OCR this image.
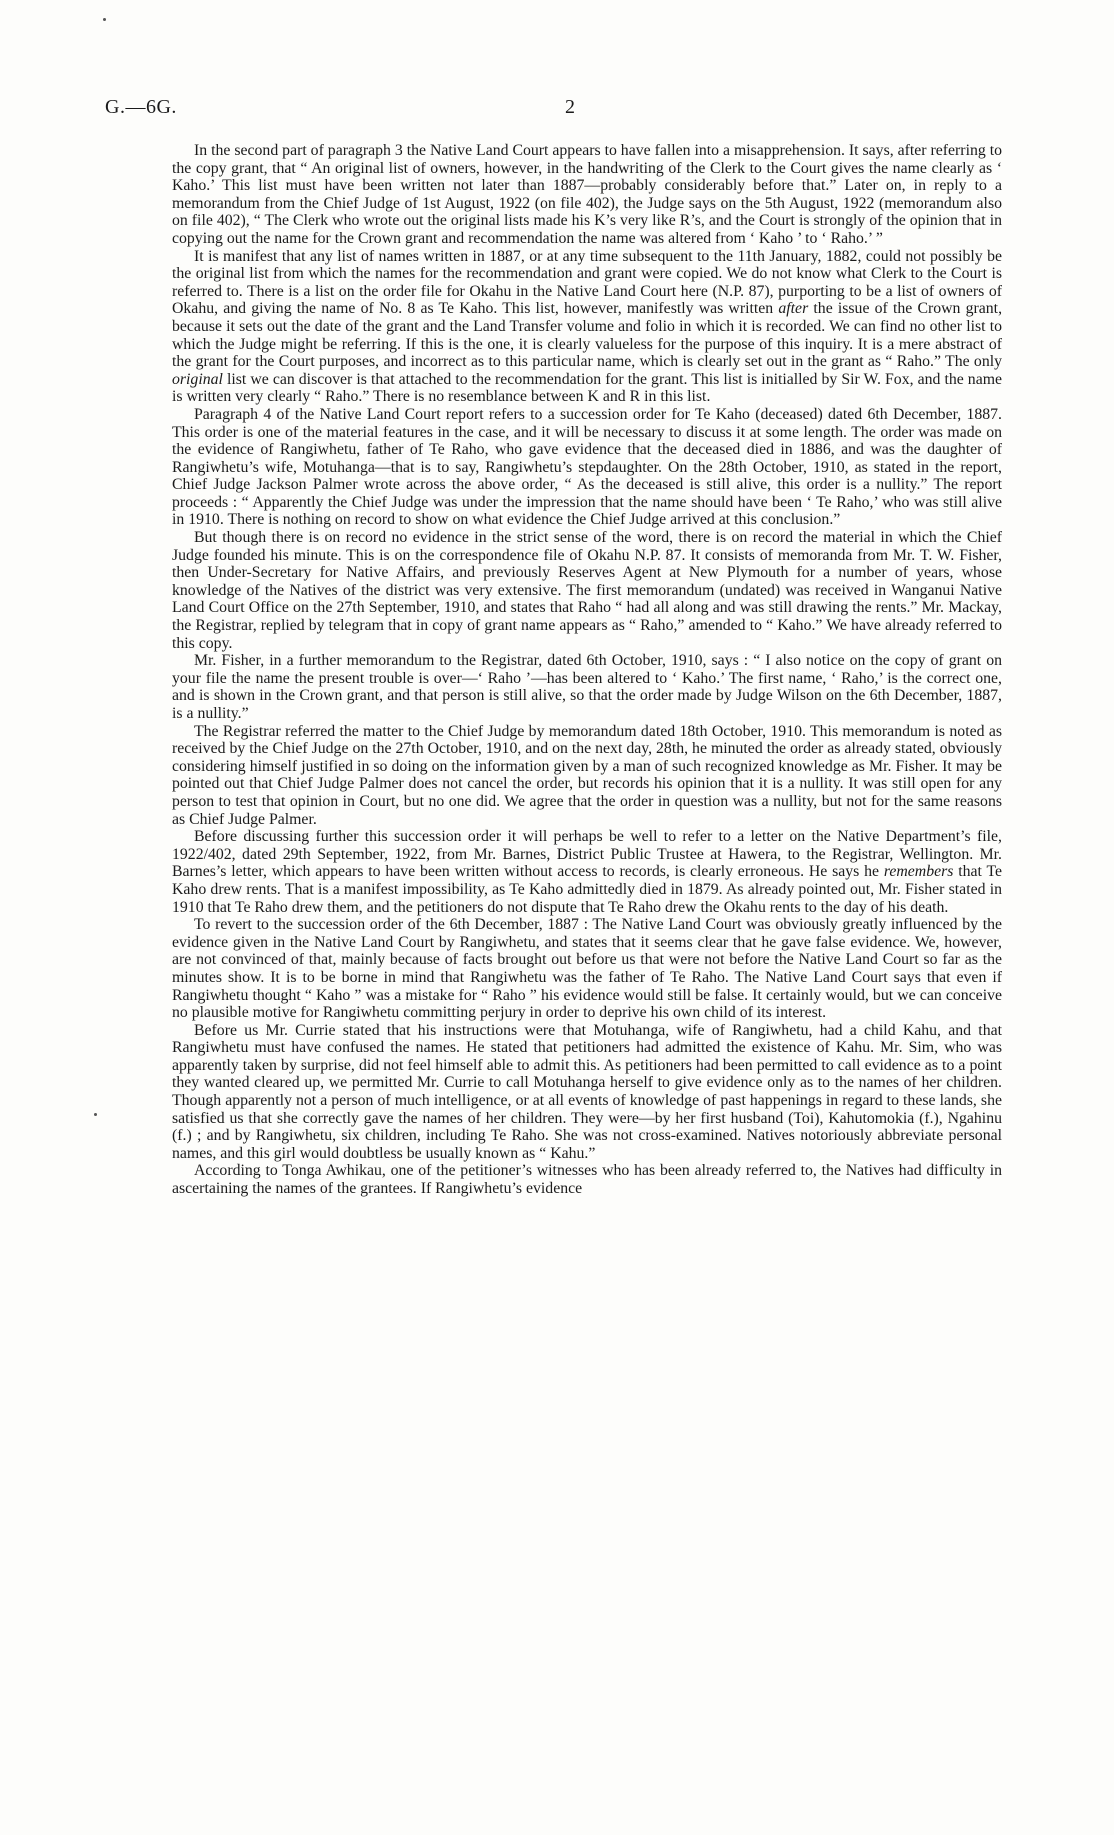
G.—6G.	2

In the second part of paragraph 3 the Native Land Court appears to have fallen into a misapprehension. It says, after referring to the copy grant, that “ An original list of owners, however, in the handwriting of the Clerk to the Court gives the name clearly as ‘ Kaho.’ This list must have been written not later than 1887—probably considerably before that.” Later on, in reply to a memorandum from the Chief Judge of 1st August, 1922 (on file 402), the Judge says on the 5th August, 1922 (memorandum also on file 402), “ The Clerk who wrote out the original lists made his K’s very like R’s, and the Court is strongly of the opinion that in copying out the name for the Crown grant and recommendation the name was altered from ‘ Kaho ’ to ‘ Raho.’ ”

It is manifest that any list of names written in 1887, or at any time subsequent to the 11th January, 1882, could not possibly be the original list from which the names for the recommendation and grant were copied. We do not know what Clerk to the Court is referred to. There is a list on the order file for Okahu in the Native Land Court here (N.P. 87), purporting to be a list of owners of Okahu, and giving the name of No. 8 as Te Kaho. This list, however, manifestly was written after the issue of the Crown grant, because it sets out the date of the grant and the Land Transfer volume and folio in which it is recorded. We can find no other list to which the Judge might be referring. If this is the one, it is clearly valueless for the purpose of this inquiry. It is a mere abstract of the grant for the Court purposes, and incorrect as to this particular name, which is clearly set out in the grant as “ Raho.” The only original list we can discover is that attached to the recommendation for the grant. This list is initialled by Sir W. Fox, and the name is written very clearly “ Raho.” There is no resemblance between K and R in this list.

Paragraph 4 of the Native Land Court report refers to a succession order for Te Kaho (deceased) dated 6th December, 1887. This order is one of the material features in the case, and it will be necessary to discuss it at some length. The order was made on the evidence of Rangiwhetu, father of Te Raho, who gave evidence that the deceased died in 1886, and was the daughter of Rangiwhetu’s wife, Motuhanga—that is to say, Rangiwhetu’s stepdaughter. On the 28th October, 1910, as stated in the report, Chief Judge Jackson Palmer wrote across the above order, “ As the deceased is still alive, this order is a nullity.” The report proceeds : “ Apparently the Chief Judge was under the impression that the name should have been ‘ Te Raho,’ who was still alive in 1910. There is nothing on record to show on what evidence the Chief Judge arrived at this conclusion.”

But though there is on record no evidence in the strict sense of the word, there is on record the material in which the Chief Judge founded his minute. This is on the correspondence file of Okahu N.P. 87. It consists of memoranda from Mr. T. W. Fisher, then Under-Secretary for Native Affairs, and previously Reserves Agent at New Plymouth for a number of years, whose knowledge of the Natives of the district was very extensive. The first memorandum (undated) was received in Wanganui Native Land Court Office on the 27th September, 1910, and states that Raho “ had all along and was still drawing the rents.” Mr. Mackay, the Registrar, replied by telegram that in copy of grant name appears as “ Raho,” amended to “ Kaho.” We have already referred to this copy.

Mr. Fisher, in a further memorandum to the Registrar, dated 6th October, 1910, says : “ I also notice on the copy of grant on your file the name the present trouble is over—‘ Raho ’—has been altered to ‘ Kaho.’ The first name, ‘ Raho,’ is the correct one, and is shown in the Crown grant, and that person is still alive, so that the order made by Judge Wilson on the 6th December, 1887, is a nullity.”

The Registrar referred the matter to the Chief Judge by memorandum dated 18th October, 1910. This memorandum is noted as received by the Chief Judge on the 27th October, 1910, and on the next day, 28th, he minuted the order as already stated, obviously considering himself justified in so doing on the information given by a man of such recognized knowledge as Mr. Fisher. It may be pointed out that Chief Judge Palmer does not cancel the order, but records his opinion that it is a nullity. It was still open for any person to test that opinion in Court, but no one did. We agree that the order in question was a nullity, but not for the same reasons as Chief Judge Palmer.

Before discussing further this succession order it will perhaps be well to refer to a letter on the Native Department’s file, 1922/402, dated 29th September, 1922, from Mr. Barnes, District Public Trustee at Hawera, to the Registrar, Wellington. Mr. Barnes’s letter, which appears to have been written without access to records, is clearly erroneous. He says he remembers that Te Kaho drew rents. That is a manifest impossibility, as Te Kaho admittedly died in 1879. As already pointed out, Mr. Fisher stated in 1910 that Te Raho drew them, and the petitioners do not dispute that Te Raho drew the Okahu rents to the day of his death.

To revert to the succession order of the 6th December, 1887 : The Native Land Court was obviously greatly influenced by the evidence given in the Native Land Court by Rangiwhetu, and states that it seems clear that he gave false evidence. We, however, are not convinced of that, mainly because of facts brought out before us that were not before the Native Land Court so far as the minutes show. It is to be borne in mind that Rangiwhetu was the father of Te Raho. The Native Land Court says that even if Rangiwhetu thought “ Kaho ” was a mistake for “ Raho ” his evidence would still be false. It certainly would, but we can conceive no plausible motive for Rangiwhetu committing perjury in order to deprive his own child of its interest.

Before us Mr. Currie stated that his instructions were that Motuhanga, wife of Rangiwhetu, had a child Kahu, and that Rangiwhetu must have confused the names. He stated that petitioners had admitted the existence of Kahu. Mr. Sim, who was apparently taken by surprise, did not feel himself able to admit this. As petitioners had been permitted to call evidence as to a point they wanted cleared up, we permitted Mr. Currie to call Motuhanga herself to give evidence only as to the names of her children. Though apparently not a person of much intelligence, or at all events of knowledge of past happenings in regard to these lands, she satisfied us that she correctly gave the names of her children. They were—by her first husband (Toi), Kahutomokia (f.), Ngahinu (f.) ; and by Rangiwhetu, six children, including Te Raho. She was not cross-examined. Natives notoriously abbreviate personal names, and this girl would doubtless be usually known as “ Kahu.”

According to Tonga Awhikau, one of the petitioner’s witnesses who has been already referred to, the Natives had difficulty in ascertaining the names of the grantees. If Rangiwhetu’s evidence
